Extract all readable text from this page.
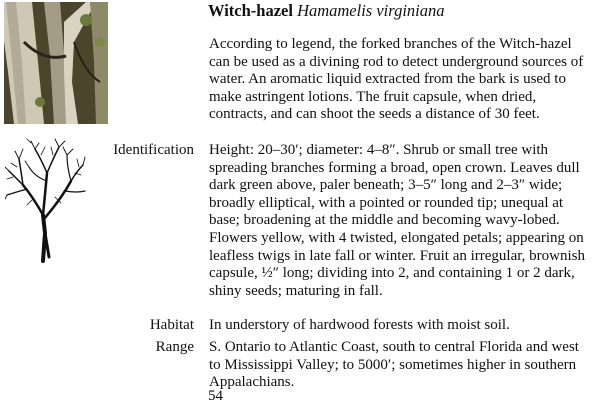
Witch-hazel Hamamelis virginiana
According to legend, the forked branches of the Witch-hazel can be used as a divining rod to detect underground sources of water. An aromatic liquid extracted from the bark is used to make astringent lotions. The fruit capsule, when dried, contracts, and can shoot the seeds a distance of 30 feet.
Identification Height: 20–30′; diameter: 4–8″. Shrub or small tree with spreading branches forming a broad, open crown. Leaves dull dark green above, paler beneath; 3–5″ long and 2–3″ wide; broadly elliptical, with a pointed or rounded tip; unequal at base; broadening at the middle and becoming wavy-lobed. Flowers yellow, with 4 twisted, elongated petals; appearing on leafless twigs in late fall or winter. Fruit an irregular, brownish capsule, ½″ long; dividing into 2, and containing 1 or 2 dark, shiny seeds; maturing in fall.
Habitat In understory of hardwood forests with moist soil.
Range S. Ontario to Atlantic Coast, south to central Florida and west to Mississippi Valley; to 5000′; sometimes higher in southern Appalachians.
54
